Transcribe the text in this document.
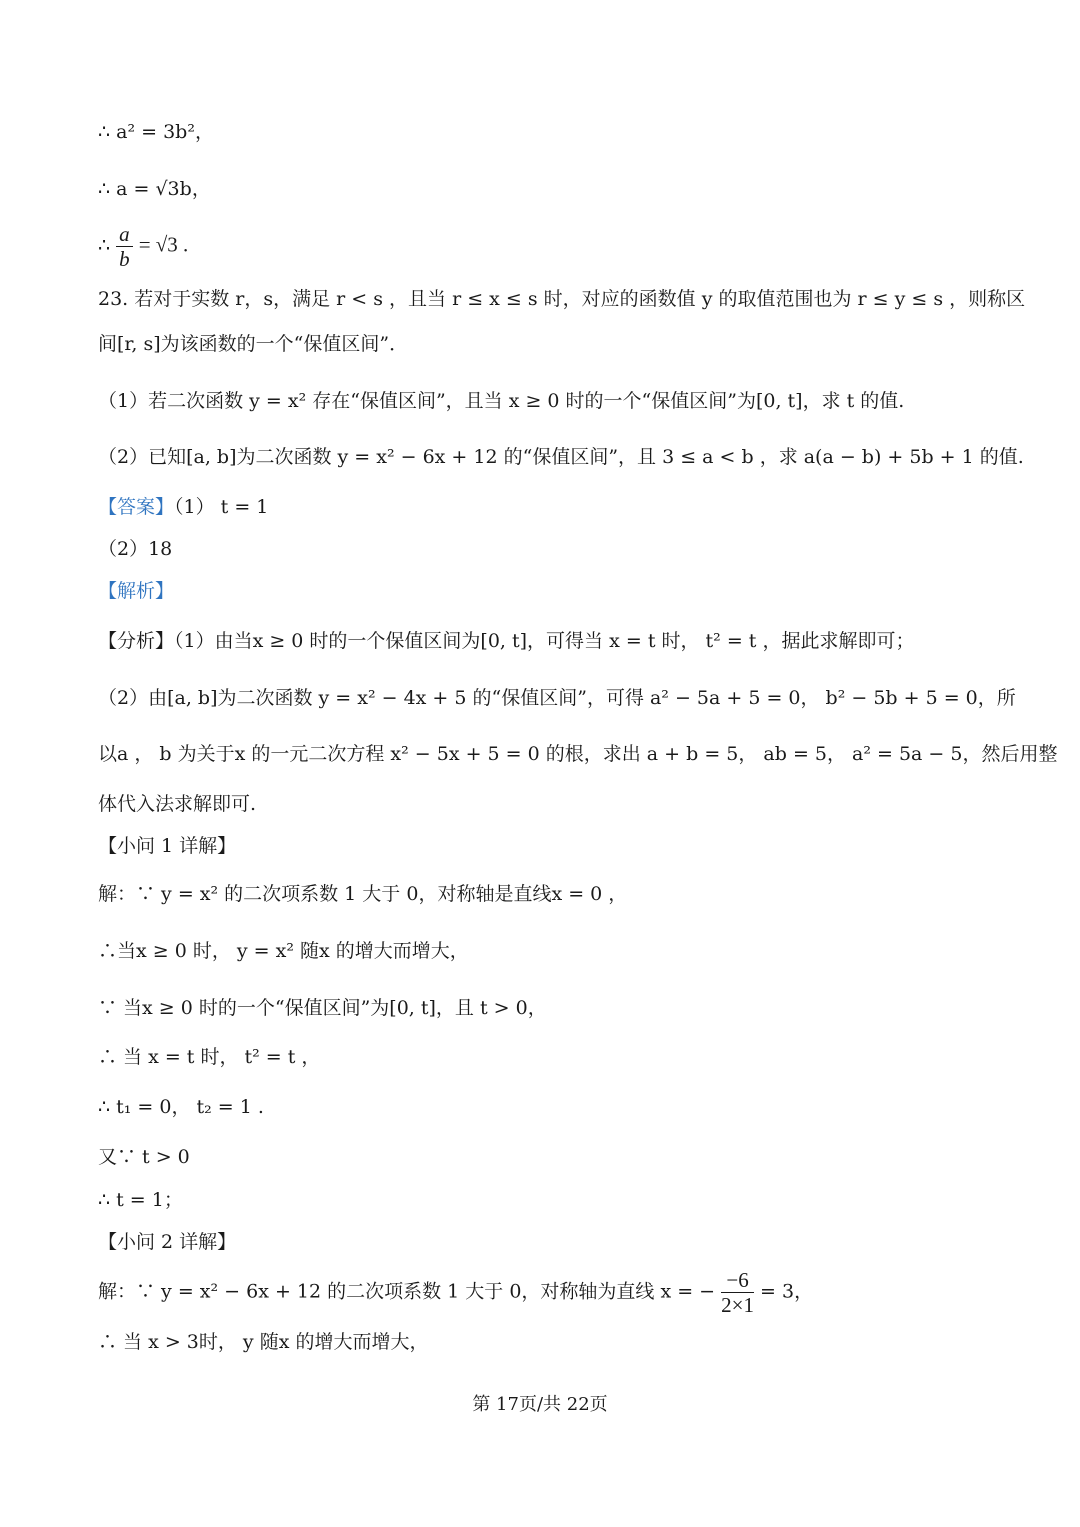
∴ a² = 3b²，
∴ a = √3b，
23. 若对于实数 r，s，满足 r < s ，且当 r ≤ x ≤ s 时，对应的函数值 y 的取值范围也为 r ≤ y ≤ s ，则称区
间[r, s]为该函数的一个“保值区间”．
（1）若二次函数 y = x² 存在“保值区间”，且当 x ≥ 0 时的一个“保值区间”为[0, t]，求 t 的值.
（2）已知[a, b]为二次函数 y = x² − 6x + 12 的“保值区间”，且 3 ≤ a < b ，求 a(a − b) + 5b + 1 的值.
（2）18
【分析】（1）由当x ≥ 0 时的一个保值区间为[0, t]，可得当 x = t 时， t² = t ，据此求解即可；
（2）由[a, b]为二次函数 y = x² − 4x + 5 的“保值区间”，可得 a² − 5a + 5 = 0， b² − 5b + 5 = 0，所
以a ， b 为关于x 的一元二次方程 x² − 5x + 5 = 0 的根，求出 a + b = 5， ab = 5， a² = 5a − 5，然后用整
体代入法求解即可.
【小问 1 详解】
解：∵ y = x² 的二次项系数 1 大于 0，对称轴是直线x = 0 ，
∴当x ≥ 0 时， y = x² 随x 的增大而增大，
∵ 当x ≥ 0 时的一个“保值区间”为[0, t]，且 t > 0，
∴ 当 x = t 时， t² = t ，
∴ t₁ = 0， t₂ = 1 .
又∵ t > 0
∴ t = 1；
【小问 2 详解】
∴ 当 x > 3时， y 随x 的增大而增大，
∴ $\frac{a}{b} = √3$ .
【答案】（1） t = 1
【解析】
解：∵ y = x² − 6x + 12 的二次项系数 1 大于 0，对称轴为直线 x = − $\frac{-6}{2\times 1} = 3$，
第 17页/共 22页
